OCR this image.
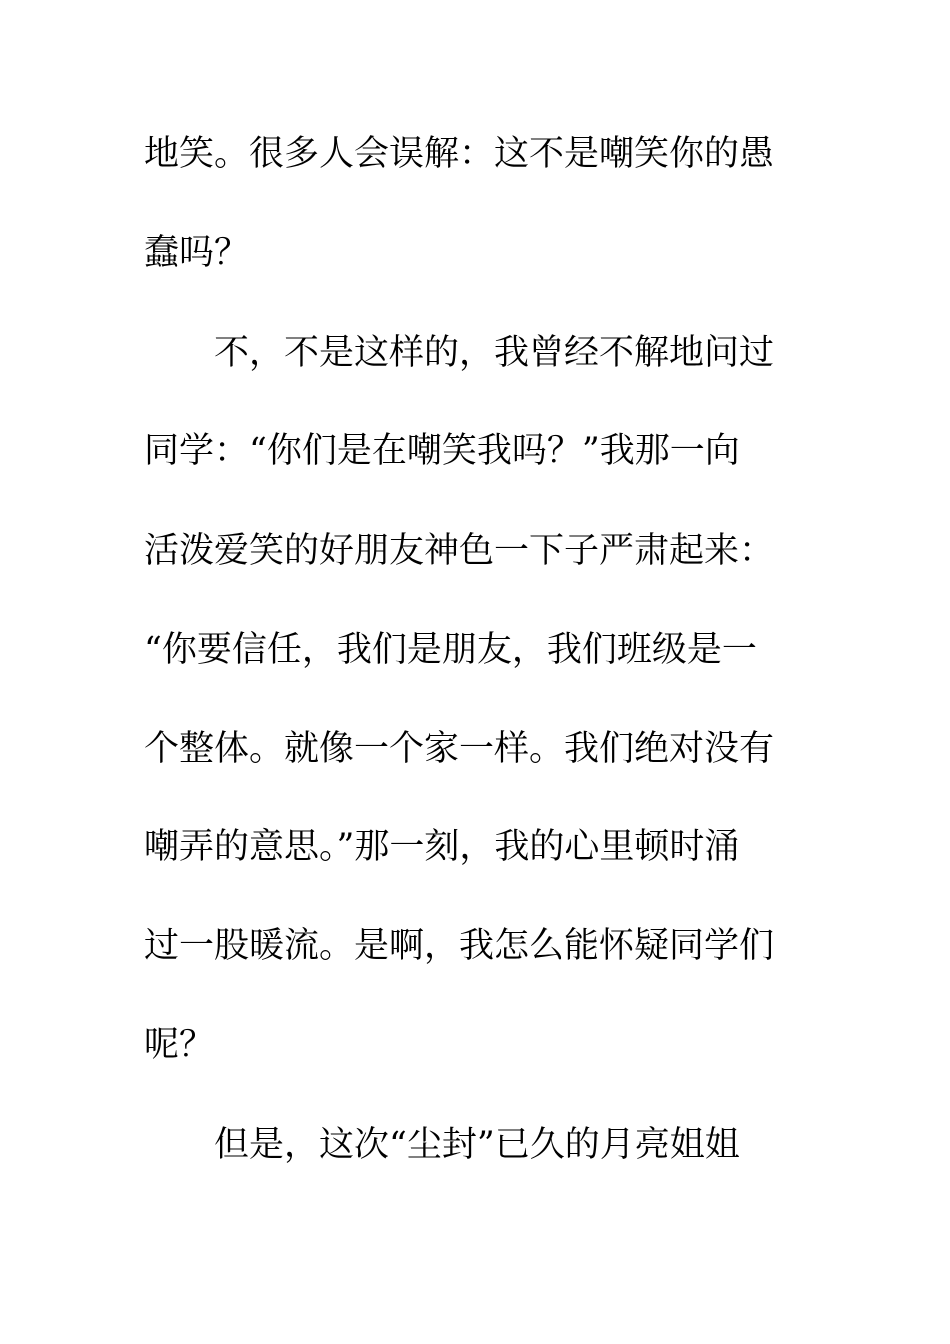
地笑。很多人会误解：这不是嘲笑你的愚
蠢吗？
不，不是这样的，我曾经不解地问过
同学：“你们是在嘲笑我吗？”我那一向
活泼爱笑的好朋友神色一下子严肃起来：
“你要信任，我们是朋友，我们班级是一
个整体。就像一个家一样。我们绝对没有
嘲弄的意思。”那一刻，我的心里顿时涌
过一股暖流。是啊，我怎么能怀疑同学们
呢？
但是，这次“尘封”已久的月亮姐姐
